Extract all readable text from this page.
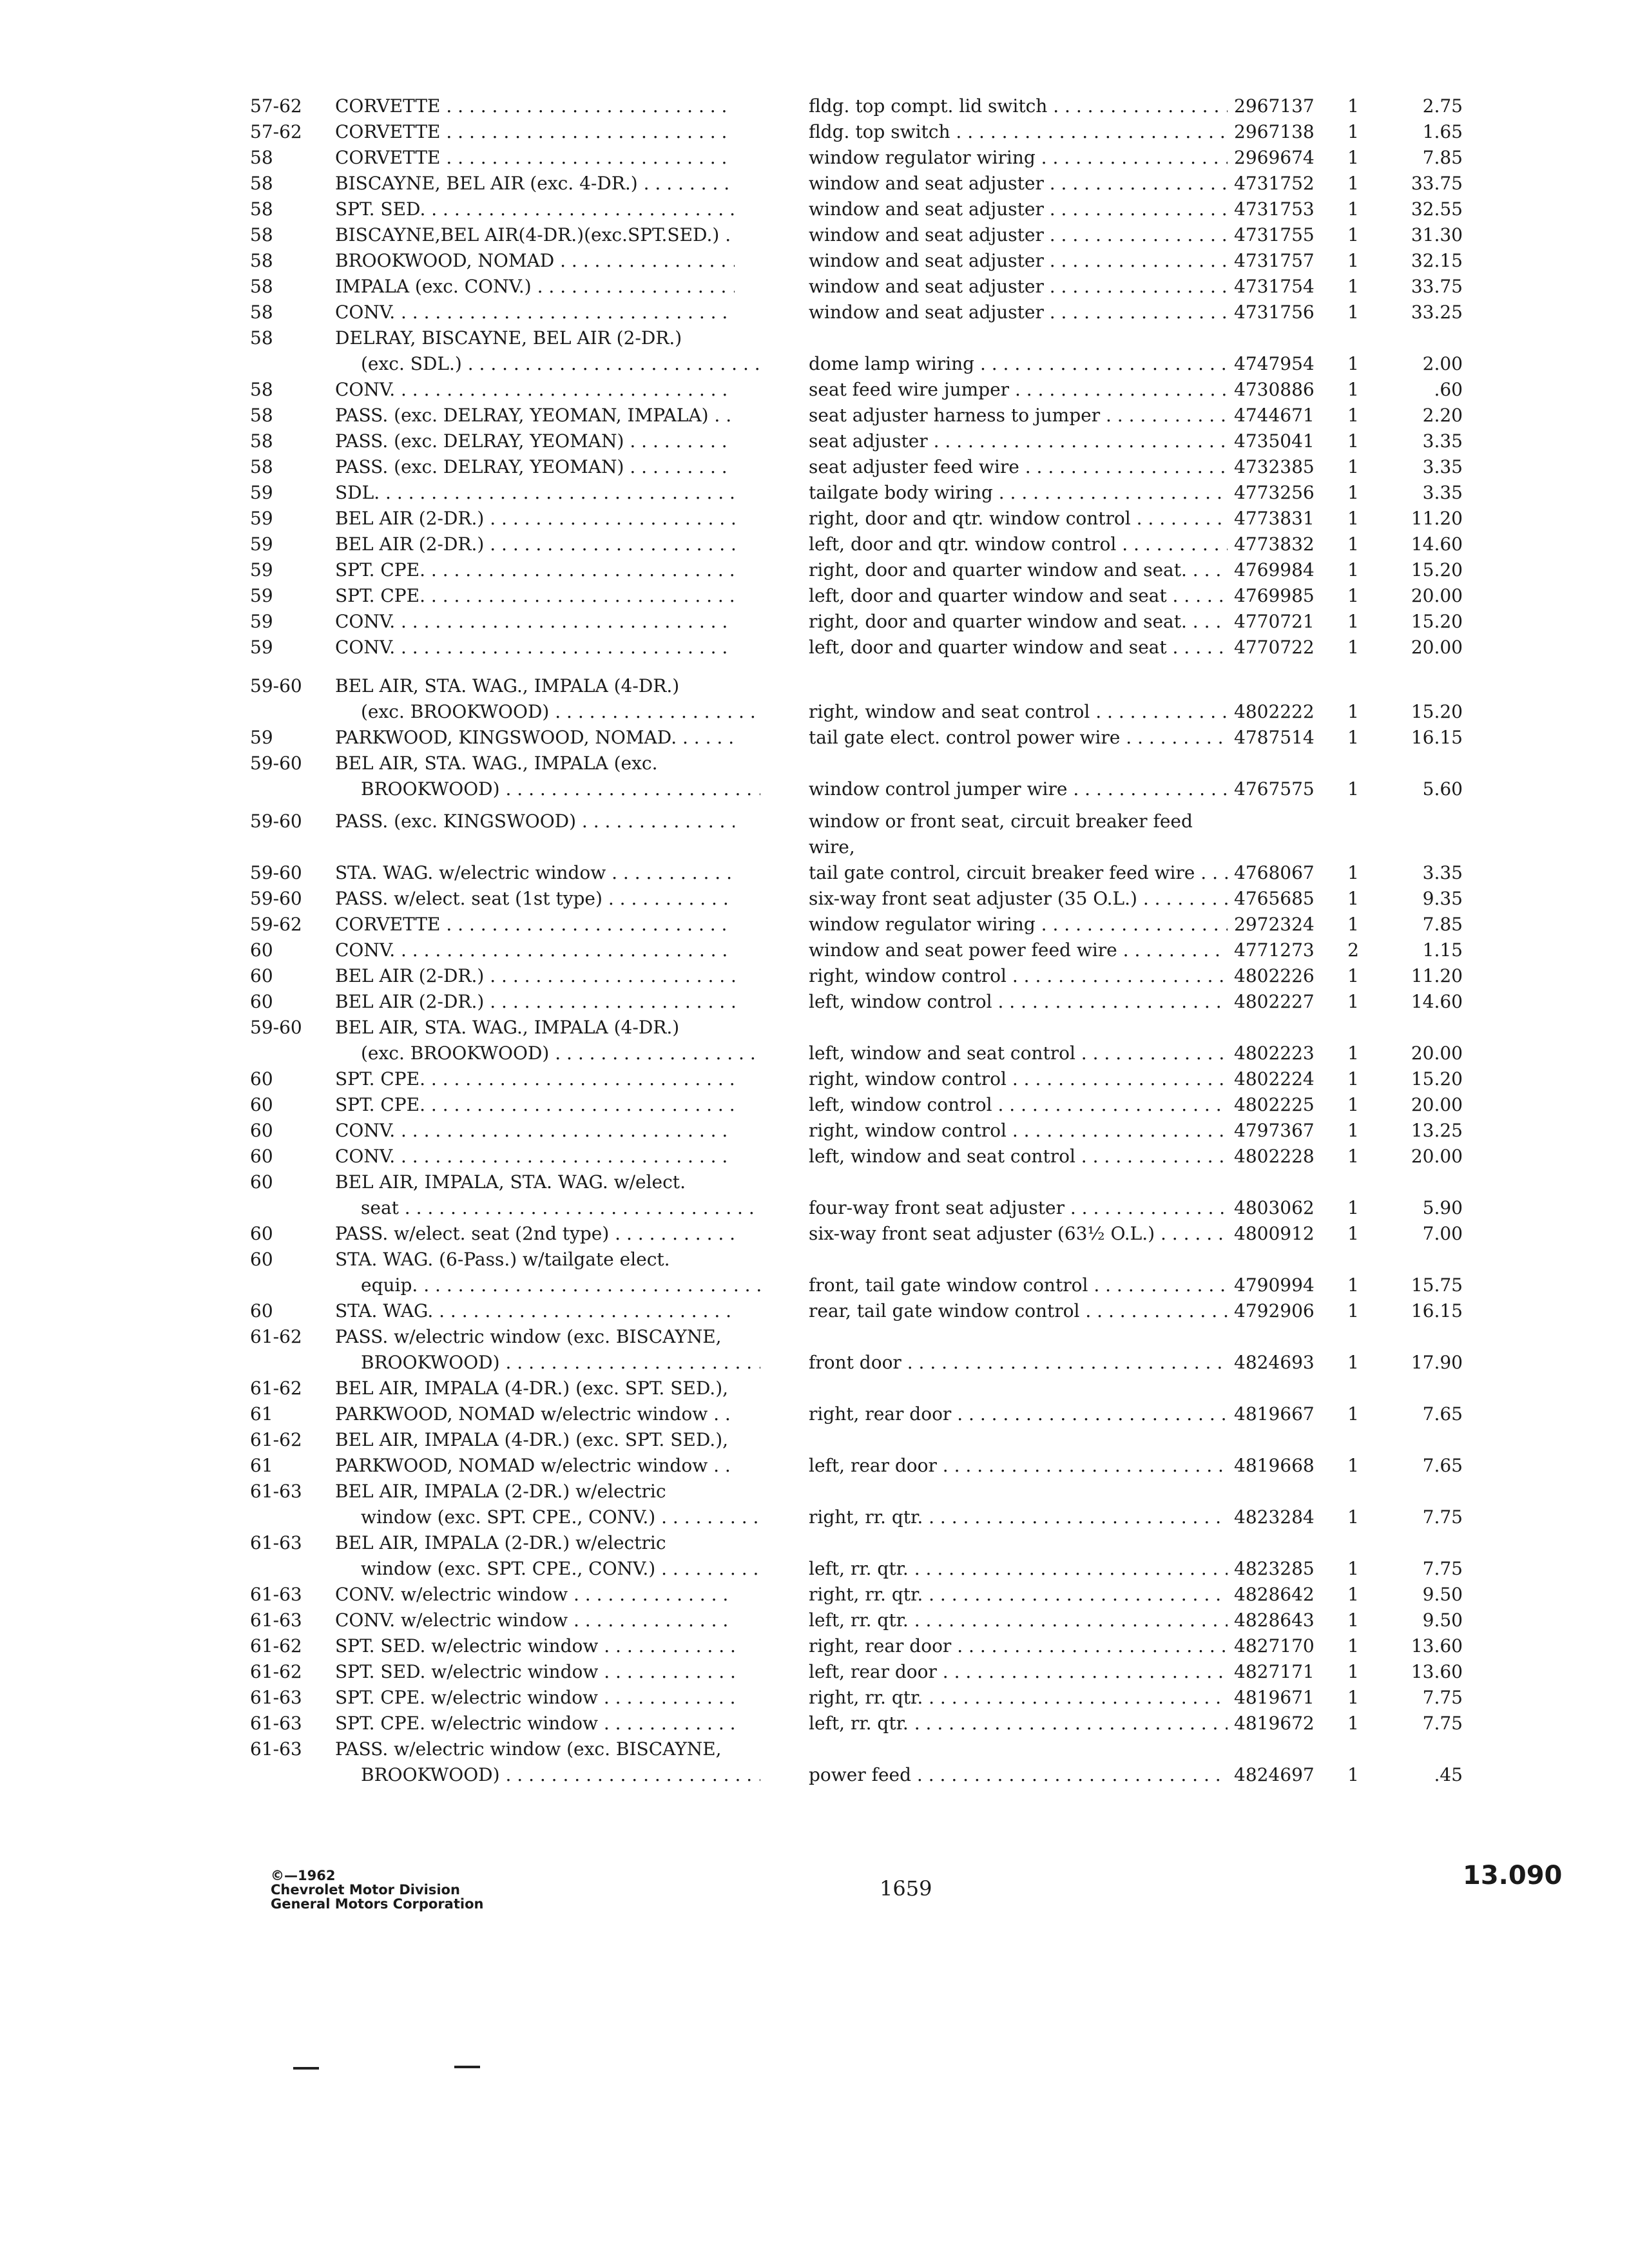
57-62	CORVETTE . . .	fldg. top compt. lid switch . . .	2967137	1	2.75
57-62	CORVETTE . . .	fldg. top switch . . .	2967138	1	1.65
58	CORVETTE . . .	window regulator wiring . . .	2969674	1	7.85
58	BISCAYNE, BEL AIR (exc. 4-DR.) . . .	window and seat adjuster . . .	4731752	1	33.75
58	SPT. SED. . . .	window and seat adjuster . . .	4731753	1	32.55
58	BISCAYNE,BEL AIR(4-DR.)(exc.SPT.SED.) . . .	window and seat adjuster . . .	4731755	1	31.30
58	BROOKWOOD, NOMAD . . .	window and seat adjuster . . .	4731757	1	32.15
58	IMPALA (exc. CONV.) . . .	window and seat adjuster . . .	4731754	1	33.75
58	CONV. . . .	window and seat adjuster . . .	4731756	1	33.25
58	DELRAY, BISCAYNE, BEL AIR (2-DR.)
(exc. SDL.) . . .	dome lamp wiring . . .	4747954	1	2.00
58	CONV. . . .	seat feed wire jumper . . .	4730886	1	.60
58	PASS. (exc. DELRAY, YEOMAN, IMPALA) . . .	seat adjuster harness to jumper . . .	4744671	1	2.20
58	PASS. (exc. DELRAY, YEOMAN) . . .	seat adjuster . . .	4735041	1	3.35
58	PASS. (exc. DELRAY, YEOMAN) . . .	seat adjuster feed wire . . .	4732385	1	3.35
59	SDL. . . .	tailgate body wiring . . .	4773256	1	3.35
59	BEL AIR (2-DR.) . . .	right, door and qtr. window control . . .	4773831	1	11.20
59	BEL AIR (2-DR.) . . .	left, door and qtr. window control . . .	4773832	1	14.60
59	SPT. CPE. . . .	right, door and quarter window and seat. . . .	4769984	1	15.20
59	SPT. CPE. . . .	left, door and quarter window and seat . . . . .	4769985	1	20.00
59	CONV. . . .	right, door and quarter window and seat. . . .	4770721	1	15.20
59	CONV. . . .	left, door and quarter window and seat . . . . .	4770722	1	20.00
59-60	BEL AIR, STA. WAG., IMPALA (4-DR.)
(exc. BROOKWOOD) . . .	right, window and seat control . . .	4802222	1	15.20
59	PARKWOOD, KINGSWOOD, NOMAD. . . . .	tail gate elect. control power wire . . .	4787514	1	16.15
59-60	BEL AIR, STA. WAG., IMPALA (exc.
BROOKWOOD) . . .	window control jumper wire . . .	4767575	1	5.60
59-60	PASS. (exc. KINGSWOOD) . . .	window or front seat, circuit breaker feed
wire,
59-60	STA. WAG. w/electric window . . .	tail gate control, circuit breaker feed wire . . . .	4768067	1	3.35
59-60	PASS. w/elect. seat (1st type) . . .	six-way front seat adjuster (35 O.L.) . . .	4765685	1	9.35
59-62	CORVETTE . . .	window regulator wiring . . .	2972324	1	7.85
60	CONV. . . .	window and seat power feed wire . . .	4771273	2	1.15
60	BEL AIR (2-DR.) . . .	right, window control . . .	4802226	1	11.20
60	BEL AIR (2-DR.) . . .	left, window control . . .	4802227	1	14.60
59-60	BEL AIR, STA. WAG., IMPALA (4-DR.)
(exc. BROOKWOOD) . . .	left, window and seat control . . .	4802223	1	20.00
60	SPT. CPE. . . .	right, window control . . .	4802224	1	15.20
60	SPT. CPE. . . .	left, window control . . .	4802225	1	20.00
60	CONV. . . .	right, window control . . .	4797367	1	13.25
60	CONV. . . .	left, window and seat control . . .	4802228	1	20.00
60	BEL AIR, IMPALA, STA. WAG. w/elect.
seat . . .	four-way front seat adjuster . . .	4803062	1	5.90
60	PASS. w/elect. seat (2nd type) . . .	six-way front seat adjuster (63½ O.L.) . . . . .	4800912	1	7.00
60	STA. WAG. (6-Pass.) w/tailgate elect.
equip. . . .	front, tail gate window control . . .	4790994	1	15.75
60	STA. WAG. . . .	rear, tail gate window control . . .	4792906	1	16.15
61-62	PASS. w/electric window (exc. BISCAYNE,
BROOKWOOD) . . .	front door . . .	4824693	1	17.90
61-62	BEL AIR, IMPALA (4-DR.) (exc. SPT. SED.),
61	PARKWOOD, NOMAD w/electric window . . .	right, rear door . . .	4819667	1	7.65
61-62	BEL AIR, IMPALA (4-DR.) (exc. SPT. SED.),
61	PARKWOOD, NOMAD w/electric window . . .	left, rear door . . .	4819668	1	7.65
61-63	BEL AIR, IMPALA (2-DR.) w/electric
window (exc. SPT. CPE., CONV.) . . .	right, rr. qtr. . . .	4823284	1	7.75
61-63	BEL AIR, IMPALA (2-DR.) w/electric
window (exc. SPT. CPE., CONV.) . . .	left, rr. qtr. . . .	4823285	1	7.75
61-63	CONV. w/electric window . . .	right, rr. qtr. . . .	4828642	1	9.50
61-63	CONV. w/electric window . . .	left, rr. qtr. . . .	4828643	1	9.50
61-62	SPT. SED. w/electric window . . .	right, rear door . . .	4827170	1	13.60
61-62	SPT. SED. w/electric window . . .	left, rear door . . .	4827171	1	13.60
61-63	SPT. CPE. w/electric window . . .	right, rr. qtr. . . .	4819671	1	7.75
61-63	SPT. CPE. w/electric window . . .	left, rr. qtr. . . .	4819672	1	7.75
61-63	PASS. w/electric window (exc. BISCAYNE,
BROOKWOOD) . . .	power feed . . .	4824697	1	.45
©—1962
Chevrolet Motor Division
General Motors Corporation
1659	13.090
